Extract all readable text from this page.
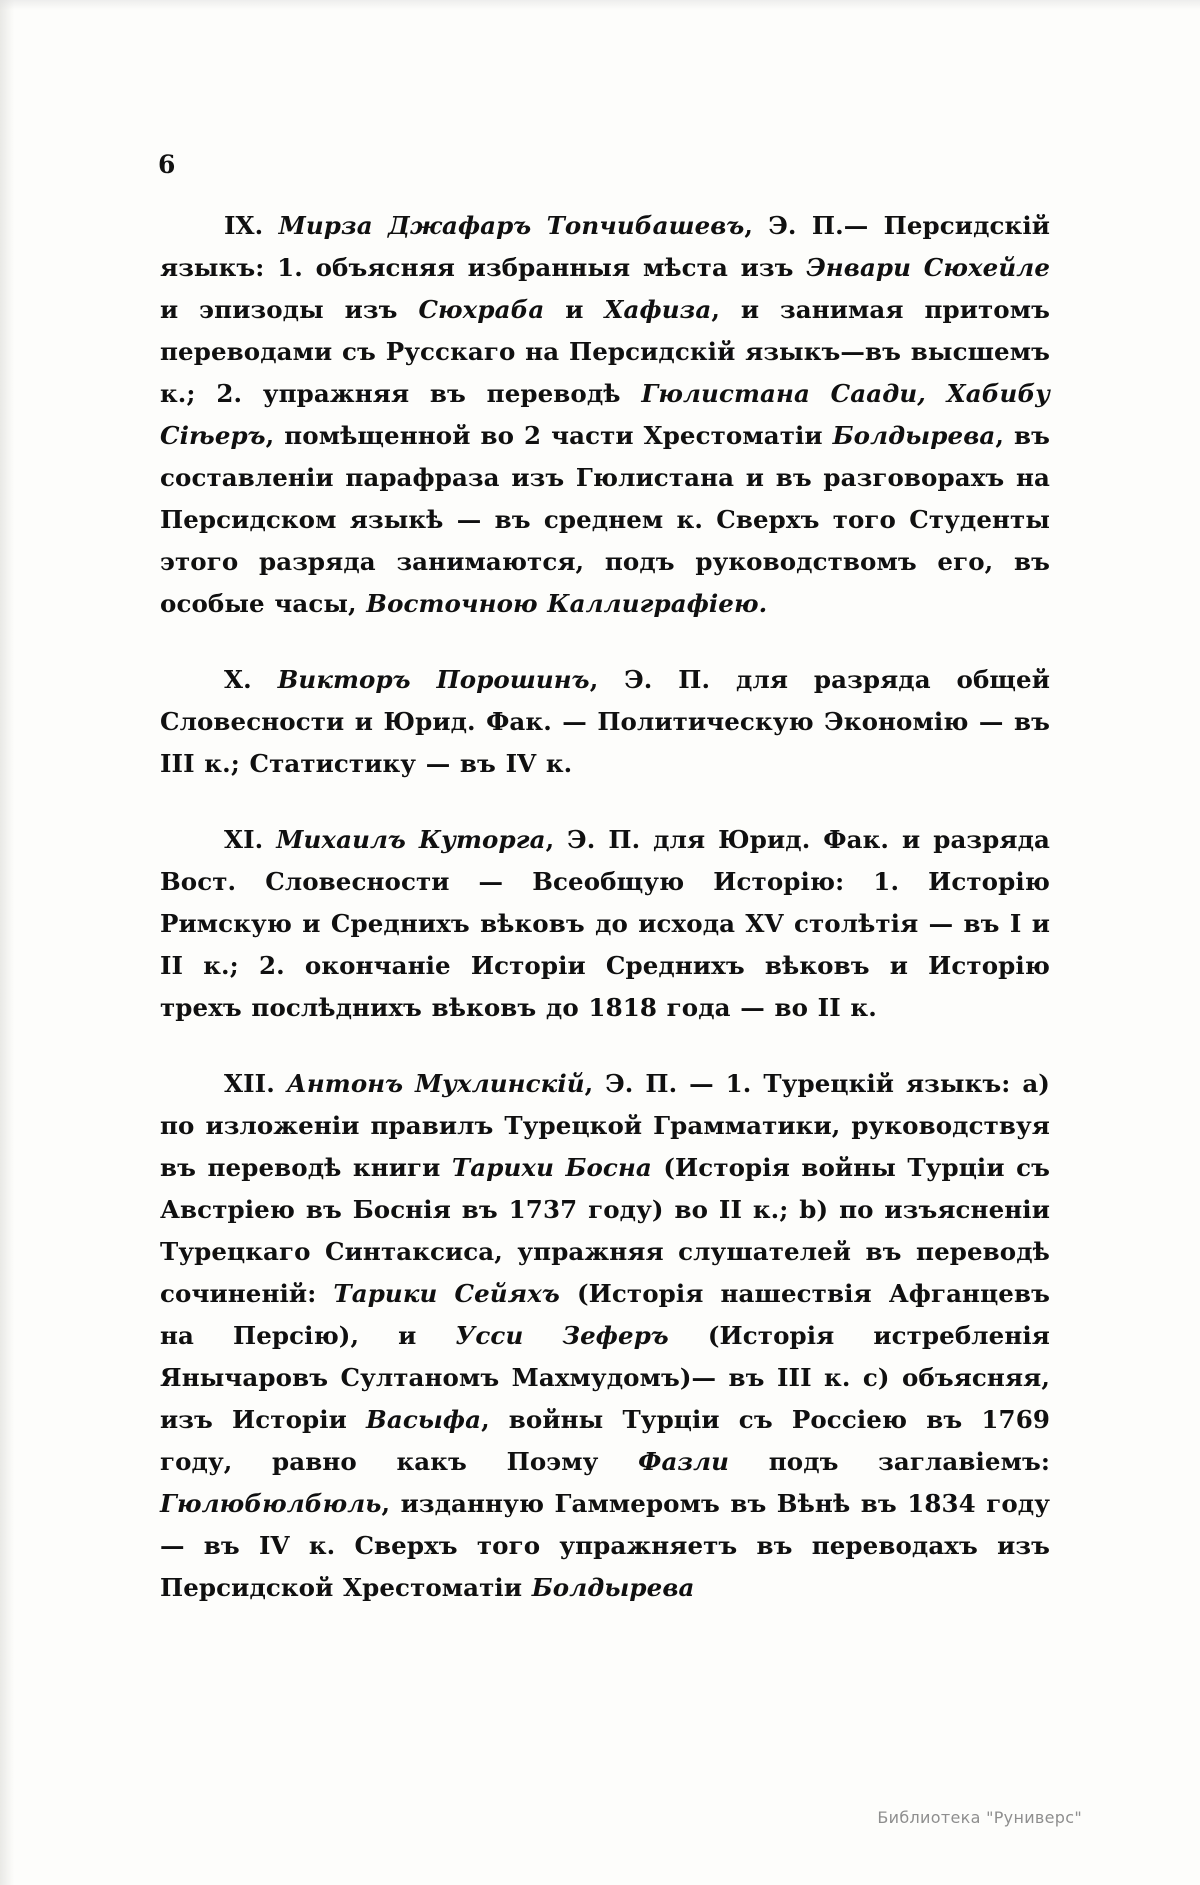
6

IX. Мирза Джафаръ Топчибашевъ, Э. П.— Персидскій языкъ: 1. объясняя избранныя мѣста изъ Энвари Сюхейле и эпизоды изъ Сюхраба и Хафиза, и занимая притомъ переводами съ Русскаго на Персидскій языкъ—въ высшемъ к.; 2. упражняя въ переводѣ Гюлистана Саади, Хабибу Сіѣеръ, помѣщенной во 2 части Хрестоматіи Болдырева, въ составленіи парафраза изъ Гюлистана и въ разговорахъ на Персидском языкѣ — въ среднем к. Сверхъ того Студенты этого разряда занимаются, подъ руководствомъ его, въ особые часы, Восточною Каллиграфіею.

X. Викторъ Порошинъ, Э. П. для разряда общей Словесности и Юрид. Фак. — Политическую Экономію — въ III к.; Статистику — въ IV к.

XI. Михаилъ Куторга, Э. П. для Юрид. Фак. и разряда Вост. Словесности — Всеобщую Исторію: 1. Исторію Римскую и Среднихъ вѣковъ до исхода XV столѣтія — въ I и II к.; 2. окончаніе Исторіи Среднихъ вѣковъ и Исторію трехъ послѣднихъ вѣковъ до 1818 года — во II к.

XII. Антонъ Мухлинскій, Э. П. — 1. Турецкій языкъ: a) по изложеніи правилъ Турецкой Грамматики, руководствуя въ переводѣ книги Тарихи Босна (Исторія войны Турціи съ Австріею въ Боснія въ 1737 году) во II к.; b) по изъясненіи Турецкаго Синтаксиса, упражняя слушателей въ переводѣ сочиненій: Тарики Сейяхъ (Исторія нашествія Афганцевъ на Персію), и Усси Зеферъ (Исторія истребленія Янычаровъ Султаномъ Махмудомъ)— въ III к. с) объясняя, изъ Исторіи Васыфа, войны Турціи съ Россіею въ 1769 году, равно какъ Поэму Фазли подъ заглавіемъ: Гюлюбюлбюль, изданную Гаммеромъ въ Вѣнѣ въ 1834 году— въ IV к. Сверхъ того упражняетъ въ переводахъ изъ Персидской Хрестоматіи Болдырева

Библиотека "Руниверс"
